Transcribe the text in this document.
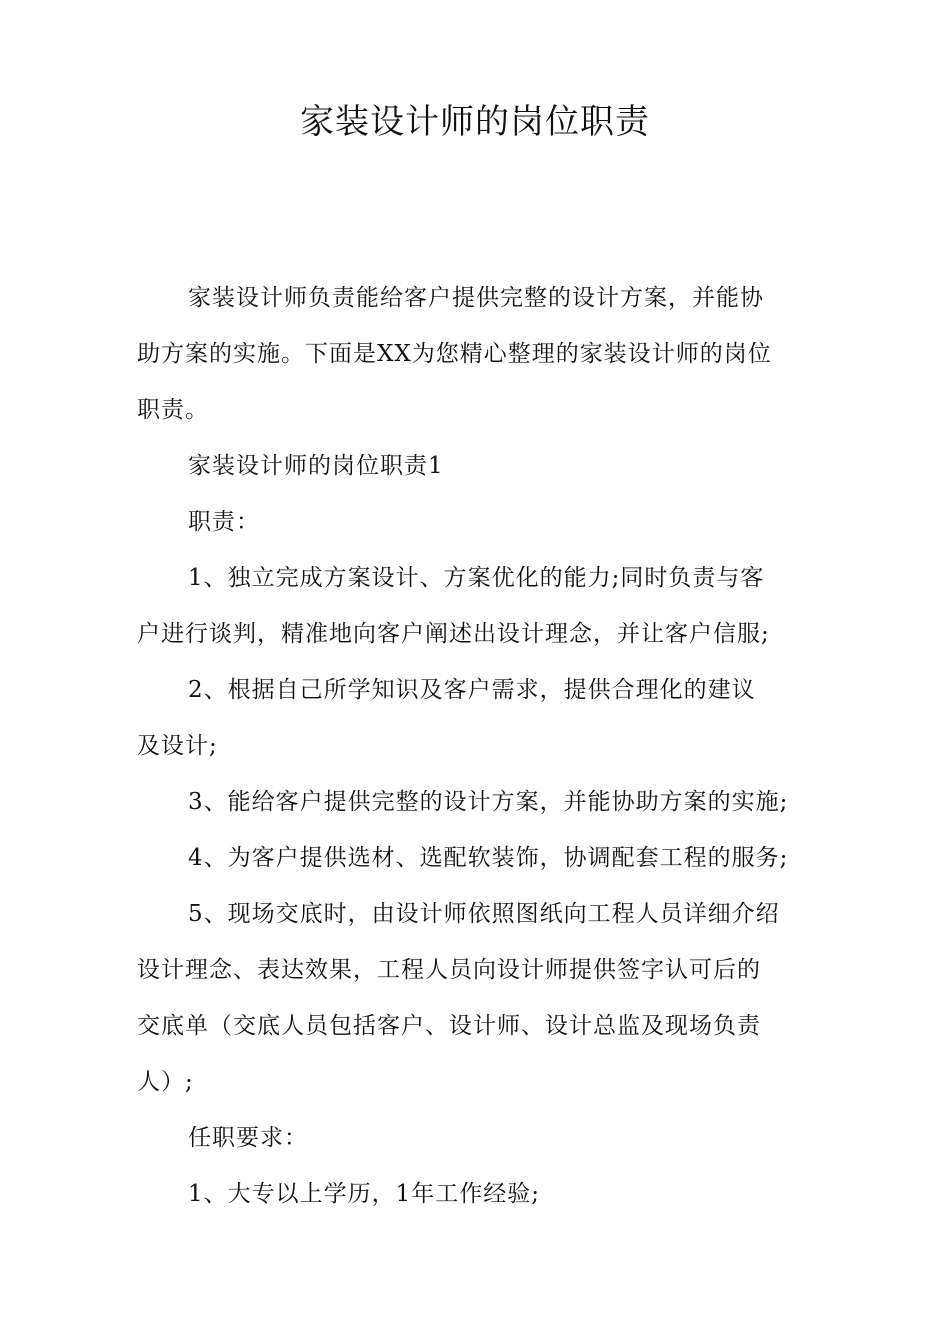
家装设计师的岗位职责

家装设计师负责能给客户提供完整的设计方案，并能协

助方案的实施。下面是XX为您精心整理的家装设计师的岗位

职责。

家装设计师的岗位职责1

职责：

1、独立完成方案设计、方案优化的能力;同时负责与客

户进行谈判，精准地向客户阐述出设计理念，并让客户信服;

2、根据自己所学知识及客户需求，提供合理化的建议

及设计;

3、能给客户提供完整的设计方案，并能协助方案的实施;

4、为客户提供选材、选配软装饰，协调配套工程的服务;

5、现场交底时，由设计师依照图纸向工程人员详细介绍

设计理念、表达效果，工程人员向设计师提供签字认可后的

交底单（交底人员包括客户、设计师、设计总监及现场负责

人）;

任职要求：

1、大专以上学历，1年工作经验;
